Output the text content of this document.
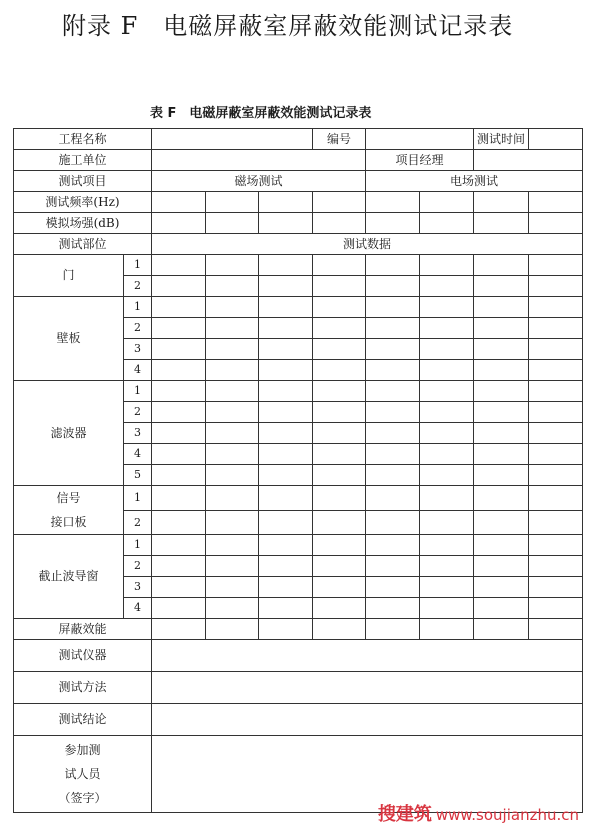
附录 F　电磁屏蔽室屏蔽效能测试记录表
表 F　电磁屏蔽室屏蔽效能测试记录表
工程名称					编号			测试时间	
施工单位						项目经理			
测试项目		磁场测试				电场测试			
测试频率(Hz)									
模拟场强(dB)									
测试部位		测试数据							
门	1								
	2								
壁板	1								
	2								
	3								
	4								
滤波器	1								
	2								
	3								
	4								
	5								
信号
接口板	1								
	2								
截止波导窗	1								
	2								
	3								
	4								
屏蔽效能									
测试仪器									
测试方法									
测试结论									
参加测
试人员
（签字）									
搜建筑 www.soujianzhu.cn
